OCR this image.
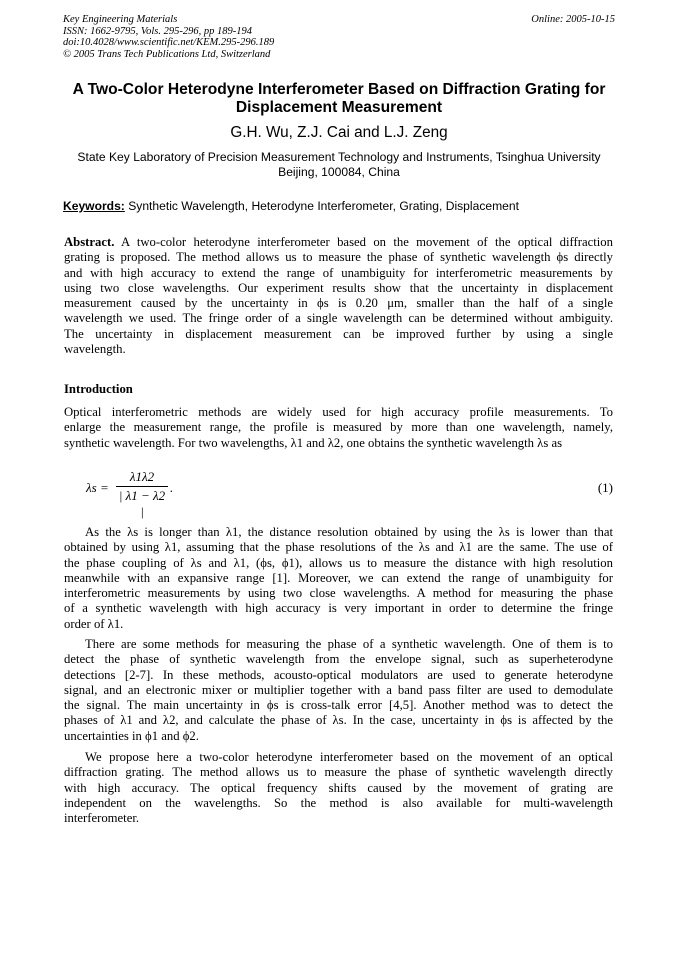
Key Engineering Materials
ISSN: 1662-9795, Vols. 295-296, pp 189-194
doi:10.4028/www.scientific.net/KEM.295-296.189
© 2005 Trans Tech Publications Ltd, Switzerland
Online: 2005-10-15
A Two-Color Heterodyne Interferometer Based on Diffraction Grating for
Displacement Measurement
G.H. Wu, Z.J. Cai and L.J. Zeng
State Key Laboratory of Precision Measurement Technology and Instruments, Tsinghua University
Beijing, 100084, China
Keywords: Synthetic Wavelength, Heterodyne Interferometer, Grating, Displacement
Abstract. A two-color heterodyne interferometer based on the movement of the optical diffraction
grating is proposed. The method allows us to measure the phase of synthetic wavelength ϕs directly
and with high accuracy to extend the range of unambiguity for interferometric measurements by
using two close wavelengths. Our experiment results show that the uncertainty in displacement
measurement caused by the uncertainty in ϕs is 0.20 μm, smaller than the half of a single
wavelength we used. The fringe order of a single wavelength can be determined without ambiguity.
The uncertainty in displacement measurement can be improved further by using a single
wavelength.
Introduction
Optical interferometric methods are widely used for high accuracy profile measurements. To
enlarge the measurement range, the profile is measured by more than one wavelength, namely,
synthetic wavelength. For two wavelengths, λ1 and λ2, one obtains the synthetic wavelength λs as
λs =
λ1λ2
| λ1 − λ2 |
.	(1)
As the λs is longer than λ1, the distance resolution obtained by using the λs is lower than that
obtained by using λ1, assuming that the phase resolutions of the λs and λ1 are the same. The use of
the phase coupling of λs and λ1, (ϕs, ϕ1), allows us to measure the distance with high resolution
meanwhile with an expansive range [1]. Moreover, we can extend the range of unambiguity for
interferometric measurements by using two close wavelengths. A method for measuring the phase
of a synthetic wavelength with high accuracy is very important in order to determine the fringe
order of λ1.
There are some methods for measuring the phase of a synthetic wavelength. One of them is to
detect the phase of synthetic wavelength from the envelope signal, such as superheterodyne
detections [2-7]. In these methods, acousto-optical modulators are used to generate heterodyne
signal, and an electronic mixer or multiplier together with a band pass filter are used to demodulate
the signal. The main uncertainty in ϕs is cross-talk error [4,5]. Another method was to detect the
phases of λ1 and λ2, and calculate the phase of λs. In the case, uncertainty in ϕs is affected by the
uncertainties in ϕ1 and ϕ2.
We propose here a two-color heterodyne interferometer based on the movement of an optical
diffraction grating. The method allows us to measure the phase of synthetic wavelength directly
with high accuracy. The optical frequency shifts caused by the movement of grating are
independent on the wavelengths. So the method is also available for multi-wavelength
interferometer.
